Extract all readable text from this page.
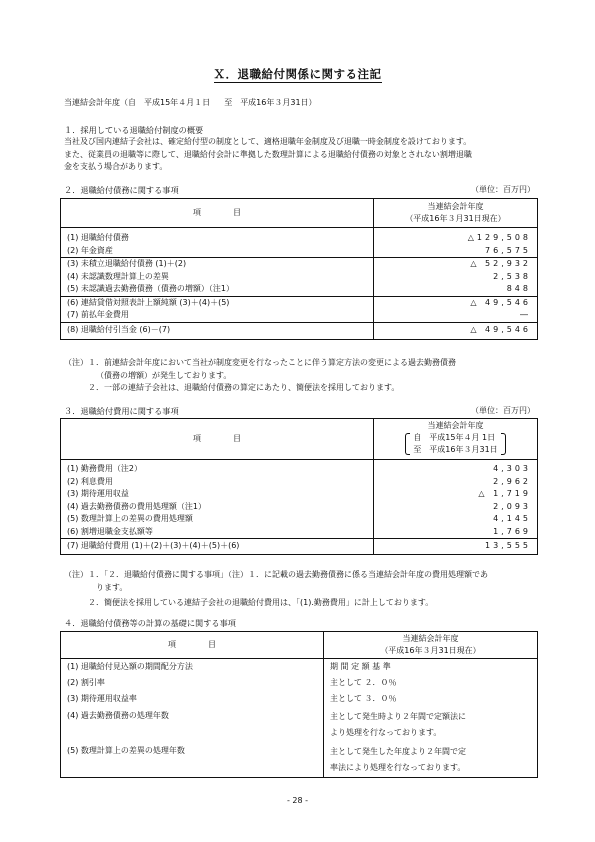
Ｘ．退職給付関係に関する注記
当連結会計年度（自　 平成15年４月１日 至　 平成16年３月31日）
１．採用している退職給付制度の概要
当社及び国内連結子会社は、確定給付型の制度として、適格退職年金制度及び退職一時金制度を設けております。
また、従業員の退職等に際して、退職給付会計に準拠した数理計算による退職給付債務の対象とされない割増退職
金を支払う場合があります。
２．退職給付債務に関する事項	（単位：百万円）
項　　　　目	当連結会計年度
（平成16年３月31日現在）

(1) 退職給付債務	△129,508
(2) 年金資産	76,575
(3) 未積立退職給付債務 (1)＋(2)	△ 52,932
(4) 未認識数理計算上の差異	2,538
(5) 未認識過去勤務債務（債務の増額）（注1）	848
(6) 連結貸借対照表計上額純額 (3)＋(4)＋(5)	△ 49,546
(7) 前払年金費用	―
(8) 退職給付引当金 (6)－(7)	△ 49,546
（注）１．前連結会計年度において当社が制度変更を行なったことに伴う算定方法の変更による過去勤務債務
（債務の増額）が発生しております。
２．一部の連結子会社は、退職給付債務の算定にあたり、簡便法を採用しております。
３．退職給付費用に関する事項	（単位：百万円）
項　　　　目	当連結会計年度
自　平成15年４月 1日
至　平成16年３月31日

(1) 勤務費用（注2）	4,303
(2) 利息費用	2,962
(3) 期待運用収益	△ 1,719
(4) 過去勤務債務の費用処理額（注1）	2,093
(5) 数理計算上の差異の費用処理額	4,145
(6) 割増退職金支払額等	1,769
(7) 退職給付費用 (1)＋(2)＋(3)＋(4)＋(5)＋(6)	13,555
（注）１．「２．退職給付債務に関する事項」（注）１．に記載の過去勤務債務に係る当連結会計年度の費用処理額であ
ります。
２．簡便法を採用している連結子会社の退職給付費用は、「(1).勤務費用」に計上しております。
４．退職給付債務等の計算の基礎に関する事項
項　　　　目	当連結会計年度
（平成16年３月31日現在）

(1) 退職給付見込額の期間配分方法	期 間 定 額 基 準
(2) 割引率	主として ２．０％
(3) 期待運用収益率	主として ３．０％
(4) 過去勤務債務の処理年数	主として発生時より２年間で定額法に
より処理を行なっております。

(5) 数理計算上の差異の処理年数	主として発生した年度より２年間で定
率法により処理を行なっております。
- 28 -
